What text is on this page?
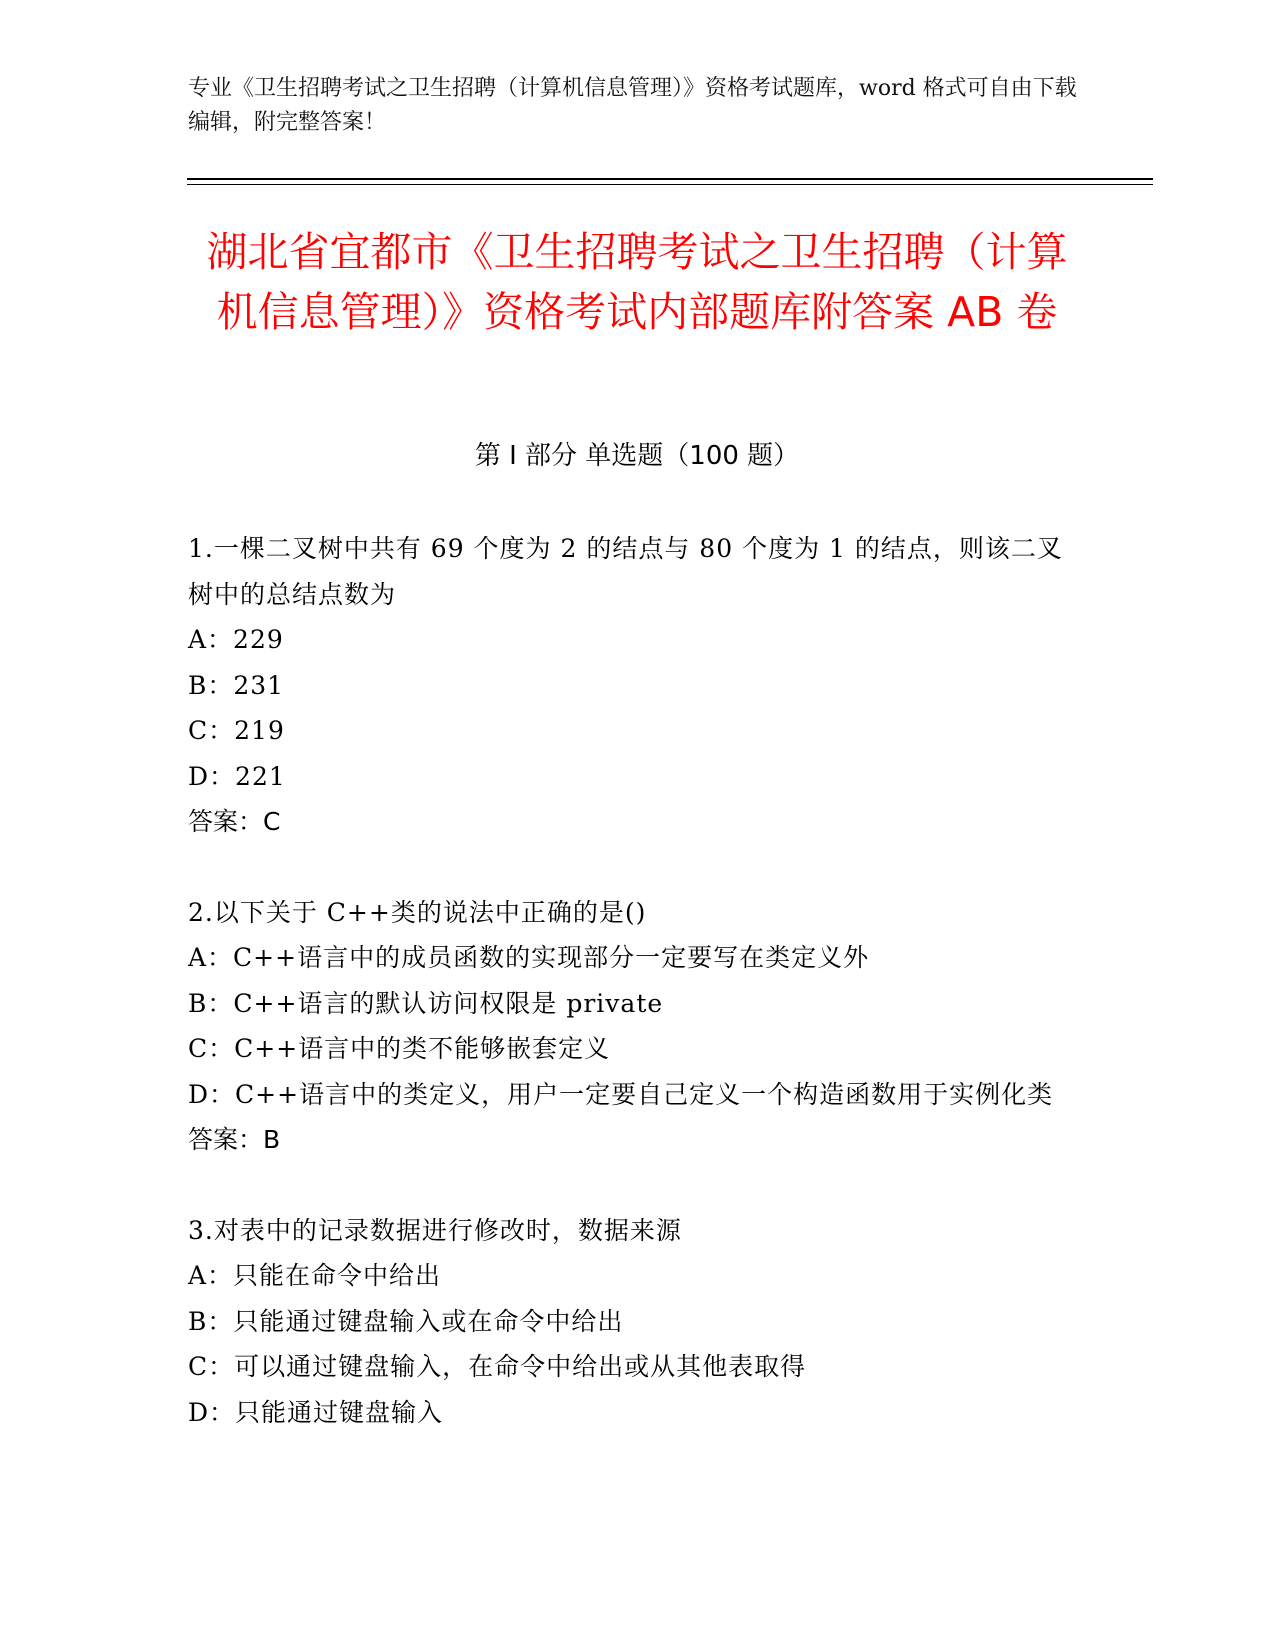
专业《卫生招聘考试之卫生招聘（计算机信息管理）》资格考试题库，word 格式可自由下载编辑，附完整答案！
湖北省宜都市《卫生招聘考试之卫生招聘（计算机信息管理）》资格考试内部题库附答案 AB 卷
第 I 部分 单选题（100 题）
1.一棵二叉树中共有 69 个度为 2 的结点与 80 个度为 1 的结点，则该二叉树中的总结点数为
A：229
B：231
C：219
D：221
答案：C
2.以下关于 C++类的说法中正确的是()
A：C++语言中的成员函数的实现部分一定要写在类定义外
B：C++语言的默认访问权限是 private
C：C++语言中的类不能够嵌套定义
D：C++语言中的类定义，用户一定要自己定义一个构造函数用于实例化类
答案：B
3.对表中的记录数据进行修改时，数据来源
A：只能在命令中给出
B：只能通过键盘输入或在命令中给出
C：可以通过键盘输入，在命令中给出或从其他表取得
D：只能通过键盘输入
